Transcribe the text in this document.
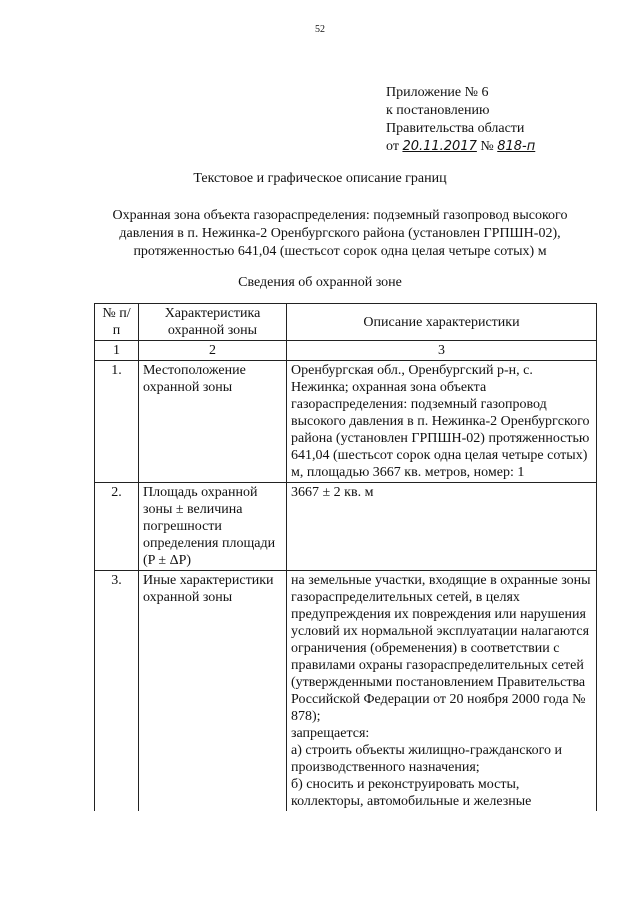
52
Приложение № 6
к постановлению
Правительства области
от 20.11.2017 № 818-п
Текстовое и графическое описание границ
Охранная зона объекта газораспределения: подземный газопровод высокого давления в п. Нежинка-2 Оренбургского района (установлен ГРПШН-02), протяженностью 641,04 (шестьсот сорок одна целая четыре сотых) м
Сведения об охранной зоне
№ п/п	Характеристика охранной зоны	Описание характеристики
1	2	3
1.	Местоположение охранной зоны	Оренбургская обл., Оренбургский р-н, с. Нежинка; охранная зона объекта газораспределения: подземный газопровод высокого давления в п. Нежинка-2 Оренбургского района (установлен ГРПШН-02) протяженностью 641,04 (шестьсот сорок одна целая четыре сотых) м, площадью 3667 кв. метров, номер: 1
2.	Площадь охранной зоны ± величина погрешности определения площади (P ± ΔP)	3667 ± 2 кв. м
3.	Иные характеристики охранной зоны	на земельные участки, входящие в охранные зоны газораспределительных сетей, в целях предупреждения их повреждения или нарушения условий их нормальной эксплуатации налагаются ограничения (обременения) в соответствии с правилами охраны газораспределительных сетей (утвержденными постановлением Правительства Российской Федерации от 20 ноября 2000 года № 878);
запрещается:
а) строить объекты жилищно-гражданского и производственного назначения;
б) сносить и реконструировать мосты, коллекторы, автомобильные и железные
